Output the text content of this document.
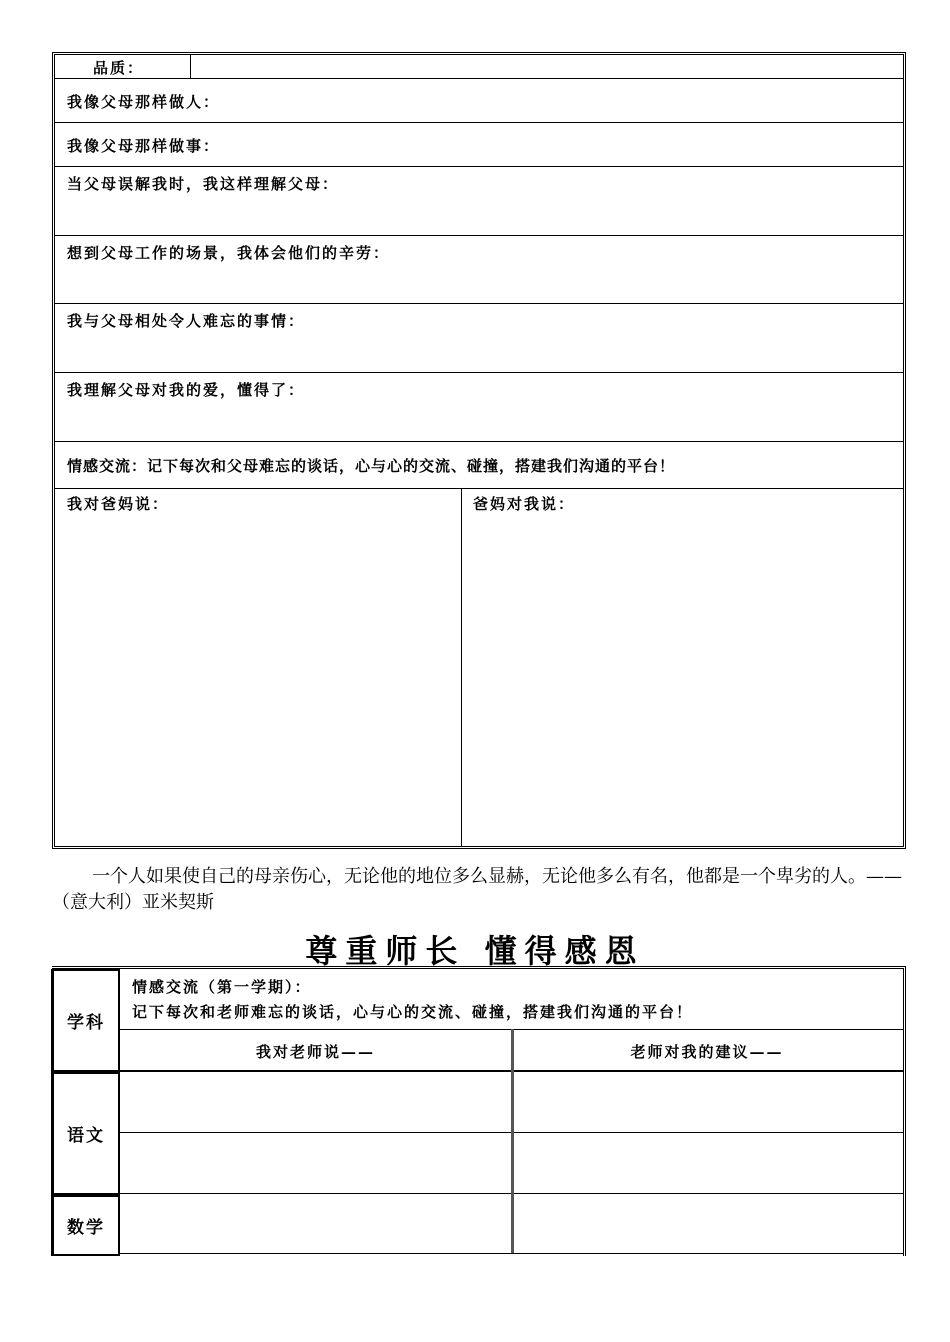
品质：
我像父母那样做人：
我像父母那样做事：
当父母误解我时，我这样理解父母：
想到父母工作的场景，我体会他们的辛劳：
我与父母相处令人难忘的事情：
我理解父母对我的爱，懂得了：
情感交流：记下每次和父母难忘的谈话，心与心的交流、碰撞，搭建我们沟通的平台！
我对爸妈说：	爸妈对我说：
一个人如果使自己的母亲伤心，无论他的地位多么显赫，无论他多么有名，他都是一个卑劣的人。——（意大利）亚米契斯
尊重师长 懂得感恩
学科
语文
数学
情感交流（第一学期）：
记下每次和老师难忘的谈话，心与心的交流、碰撞，搭建我们沟通的平台！
我对老师说——	老师对我的建议——
